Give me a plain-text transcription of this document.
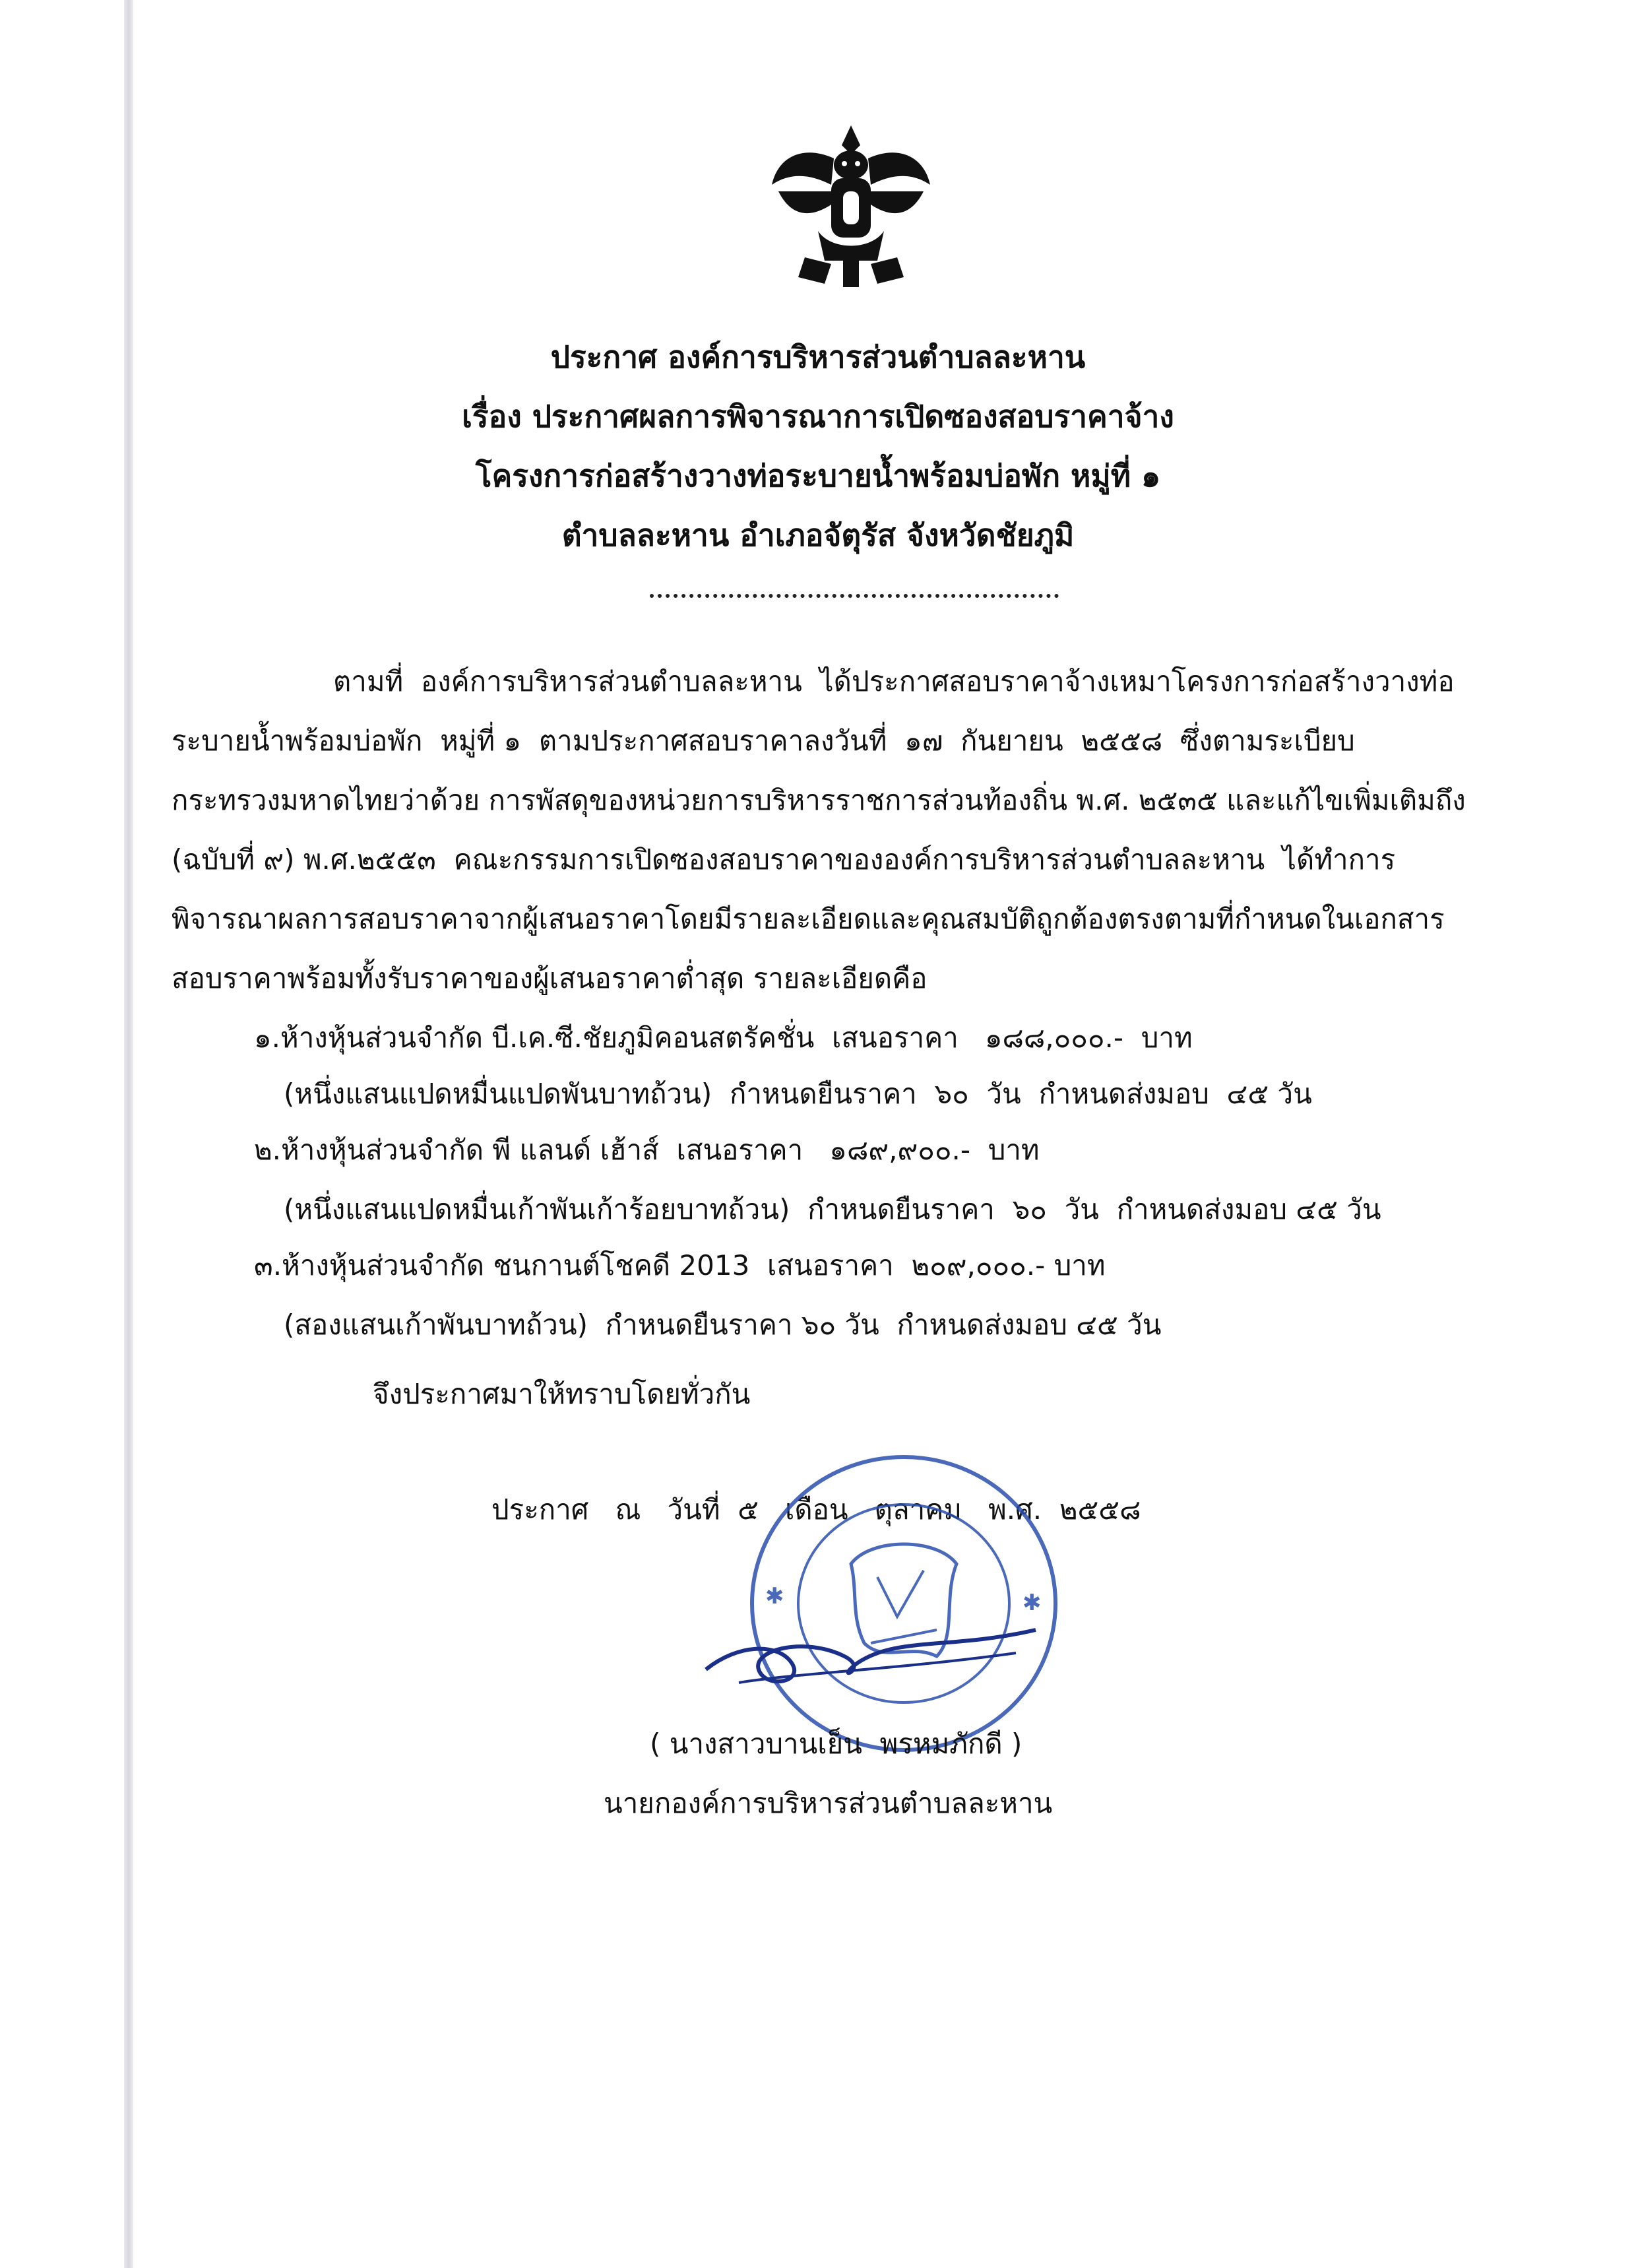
ประกาศ องค์การบริหารส่วนตำบลละหาน
เรื่อง ประกาศผลการพิจารณาการเปิดซองสอบราคาจ้าง
โครงการก่อสร้างวางท่อระบายน้ำพร้อมบ่อพัก หมู่ที่ ๑
ตำบลละหาน อำเภอจัตุรัส จังหวัดชัยภูมิ
ตามที่  องค์การบริหารส่วนตำบลละหาน  ได้ประกาศสอบราคาจ้างเหมาโครงการก่อสร้างวางท่อ
ระบายน้ำพร้อมบ่อพัก  หมู่ที่ ๑  ตามประกาศสอบราคาลงวันที่  ๑๗  กันยายน  ๒๕๕๘  ซึ่งตามระเบียบ
กระทรวงมหาดไทยว่าด้วย การพัสดุของหน่วยการบริหารราชการส่วนท้องถิ่น พ.ศ. ๒๕๓๕ และแก้ไขเพิ่มเติมถึง
(ฉบับที่ ๙) พ.ศ.๒๕๕๓  คณะกรรมการเปิดซองสอบราคาขององค์การบริหารส่วนตำบลละหาน  ได้ทำการ
พิจารณาผลการสอบราคาจากผู้เสนอราคาโดยมีรายละเอียดและคุณสมบัติถูกต้องตรงตามที่กำหนดในเอกสาร
สอบราคาพร้อมทั้งรับราคาของผู้เสนอราคาต่ำสุด รายละเอียดคือ
๑.ห้างหุ้นส่วนจำกัด บี.เค.ซี.ชัยภูมิคอนสตรัคชั่น  เสนอราคา   ๑๘๘,๐๐๐.-  บาท
(หนึ่งแสนแปดหมื่นแปดพันบาทถ้วน)  กำหนดยืนราคา  ๖๐  วัน  กำหนดส่งมอบ  ๔๕ วัน
๒.ห้างหุ้นส่วนจำกัด พี แลนด์ เฮ้าส์  เสนอราคา   ๑๘๙,๙๐๐.-  บาท
(หนึ่งแสนแปดหมื่นเก้าพันเก้าร้อยบาทถ้วน)  กำหนดยืนราคา  ๖๐  วัน  กำหนดส่งมอบ ๔๕ วัน
๓.ห้างหุ้นส่วนจำกัด ชนกานต์โชคดี 2013  เสนอราคา  ๒๐๙,๐๐๐.- บาท
(สองแสนเก้าพันบาทถ้วน)  กำหนดยืนราคา ๖๐ วัน  กำหนดส่งมอบ ๔๕ วัน
จึงประกาศมาให้ทราบโดยทั่วกัน
ประกาศ   ณ   วันที่  ๕   เดือน   ตุลาคม   พ.ศ.  ๒๕๕๘
✱	✱
( นางสาวบานเย็น  พรหมภักดี )
นายกองค์การบริหารส่วนตำบลละหาน
